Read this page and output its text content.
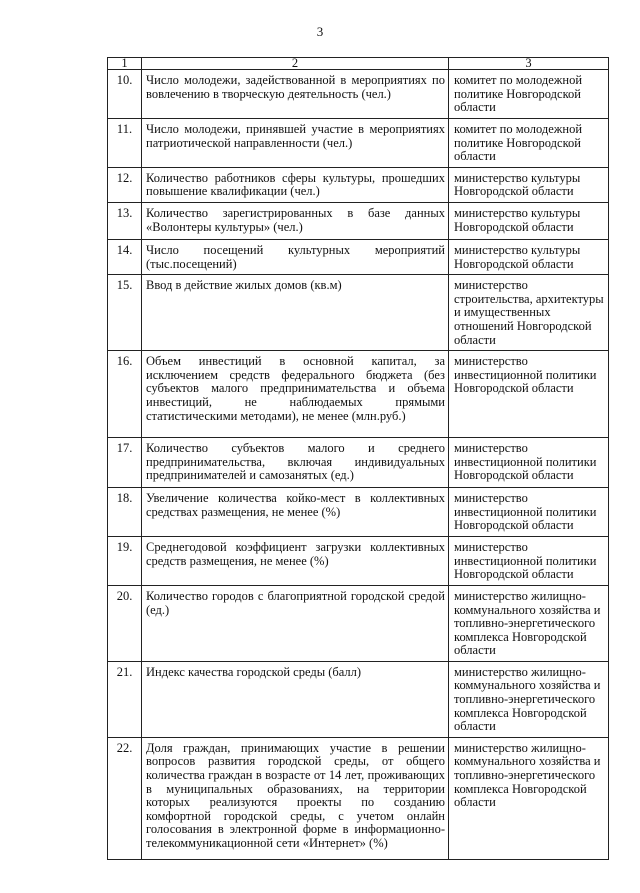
3
1	2	3
10.	Число молодежи, задействованной в мероприятиях по вовлечению в творческую деятельность (чел.)	комитет по молодежной политике Новгородской области
11.	Число молодежи, принявшей участие в мероприятиях патриотической направленности (чел.)	комитет по молодежной политике Новгородской области
12.	Количество работников сферы культуры, прошедших повышение квалификации (чел.)	министерство культуры Новгородской области
13.	Количество зарегистрированных в базе данных «Волонтеры культуры» (чел.)	министерство культуры Новгородской области
14.	Число посещений культурных мероприятий (тыс.посещений)	министерство культуры Новгородской области
15.	Ввод в действие жилых домов (кв.м)	министерство строительства, архитектуры и имущественных отношений Новгородской области
16.	Объем инвестиций в основной капитал, за исключением средств федерального бюджета (без субъектов малого предпринимательства и объема инвестиций, не наблюдаемых прямыми статистическими методами), не менее (млн.руб.)	министерство инвестиционной политики Новгородской области
17.	Количество субъектов малого и среднего предпринимательства, включая индивидуальных предпринимателей и самозанятых (ед.)	министерство инвестиционной политики Новгородской области
18.	Увеличение количества койко-мест в коллективных средствах размещения, не менее (%)	министерство инвестиционной политики Новгородской области
19.	Среднегодовой коэффициент загрузки коллективных средств размещения, не менее (%)	министерство инвестиционной политики Новгородской области
20.	Количество городов с благоприятной городской средой (ед.)	министерство жилищно-коммунального хозяйства и топливно-энергетического комплекса Новгородской области
21.	Индекс качества городской среды (балл)	министерство жилищно-коммунального хозяйства и топливно-энергетического комплекса Новгородской области
22.	Доля граждан, принимающих участие в решении вопросов развития городской среды, от общего количества граждан в возрасте от 14 лет, проживающих в муниципальных образованиях, на территории которых реализуются проекты по созданию комфортной городской среды, с учетом онлайн голосования в электронной форме в информационно-телекоммуникационной сети «Интернет» (%)	министерство жилищно-коммунального хозяйства и топливно-энергетического комплекса Новгородской области
